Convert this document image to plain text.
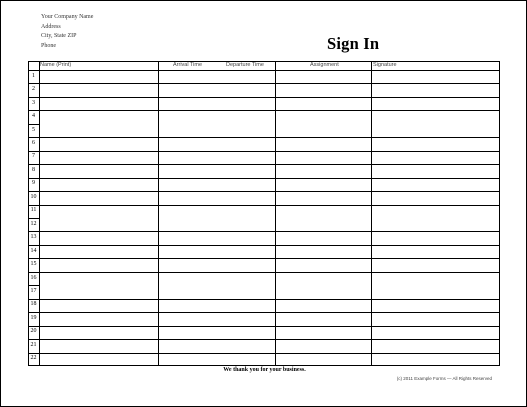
Your Company Name
Address
City, State ZIP
Phone	Sign In
Name (Print)	Arrival Time	Departure Time	Assignment	Signature
1
2
3
4
5
6
7
8
9
10
11
12
13
14
15
16
17
18
19
20
21
22
We thank you for your business.
(c) 2011 Example Forms — All Rights Reserved
